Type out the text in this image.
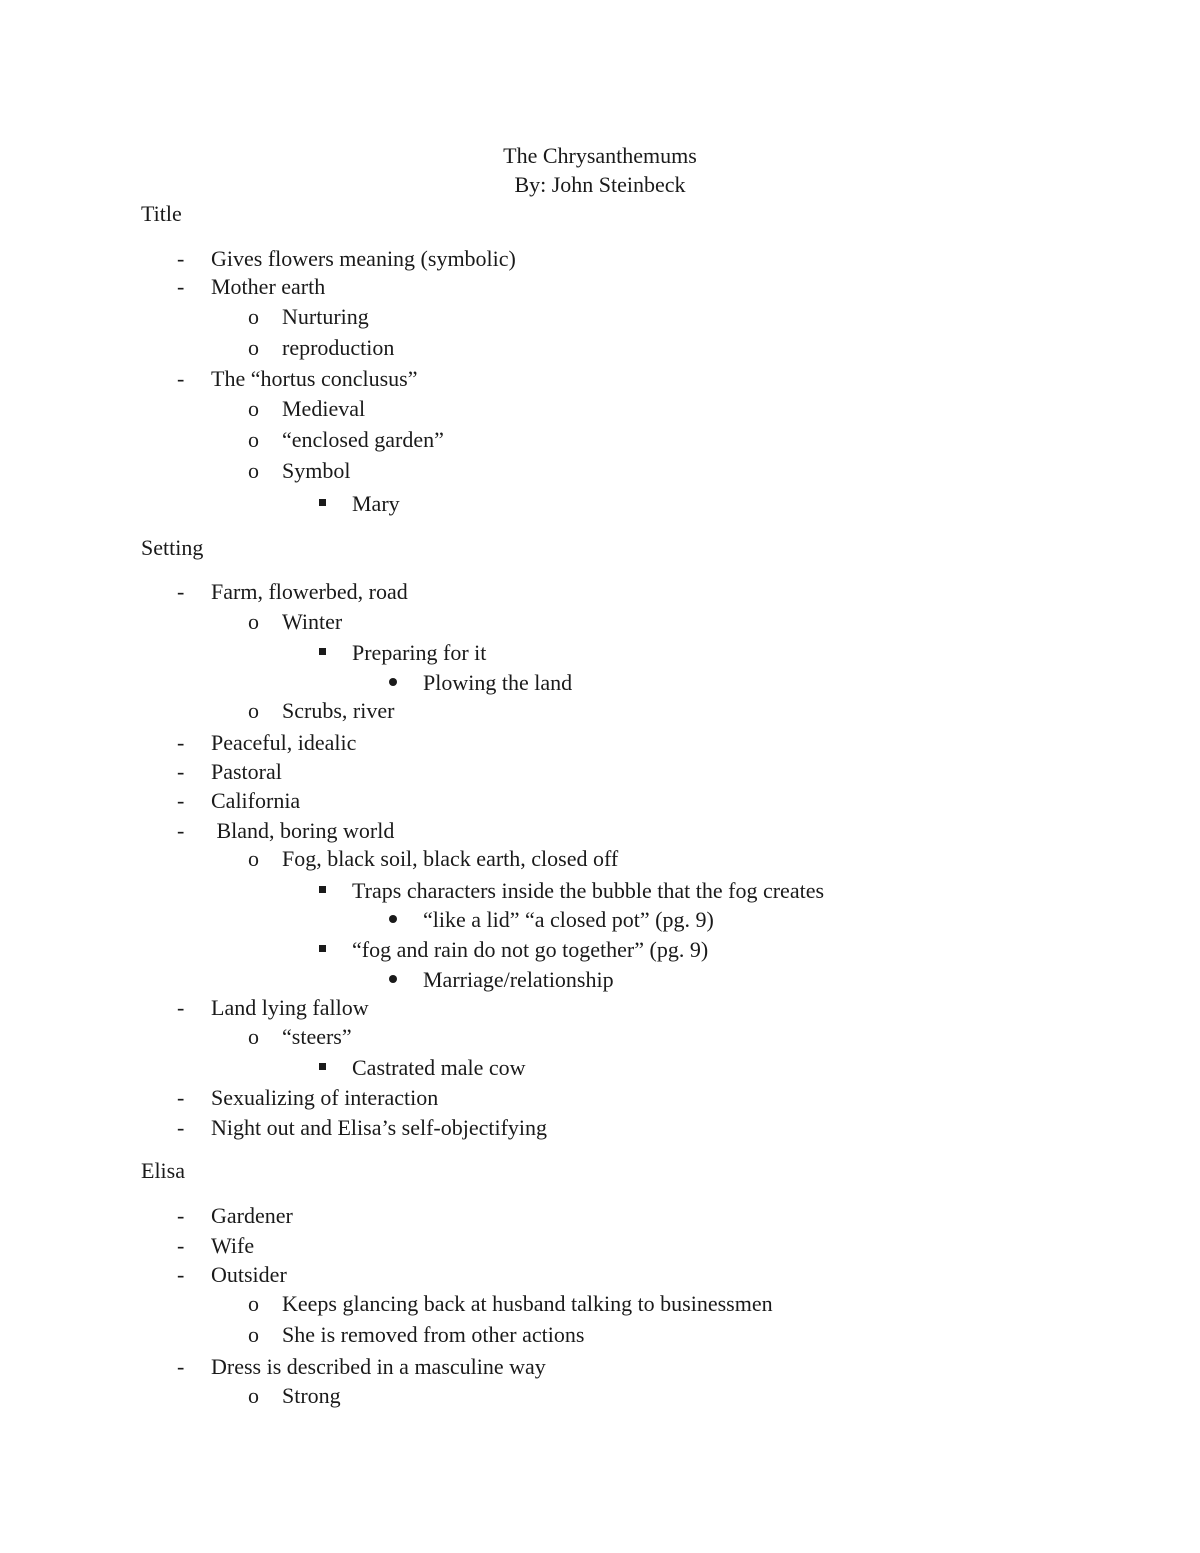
The Chrysanthemums
By: John Steinbeck
Title
- Gives flowers meaning (symbolic)
- Mother earth
o Nurturing
o reproduction
- The “hortus conclusus”
o Medieval
o “enclosed garden”
o Symbol
Mary
Setting
- Farm, flowerbed, road
o Winter
Preparing for it
Plowing the land
o Scrubs, river
- Peaceful, idealic
- Pastoral
- California
- Bland, boring world
o Fog, black soil, black earth, closed off
Traps characters inside the bubble that the fog creates
“like a lid” “a closed pot” (pg. 9)
“fog and rain do not go together” (pg. 9)
Marriage/relationship
- Land lying fallow
o “steers”
Castrated male cow
- Sexualizing of interaction
- Night out and Elisa’s self-objectifying
Elisa
- Gardener
- Wife
- Outsider
o Keeps glancing back at husband talking to businessmen
o She is removed from other actions
- Dress is described in a masculine way
o Strong
